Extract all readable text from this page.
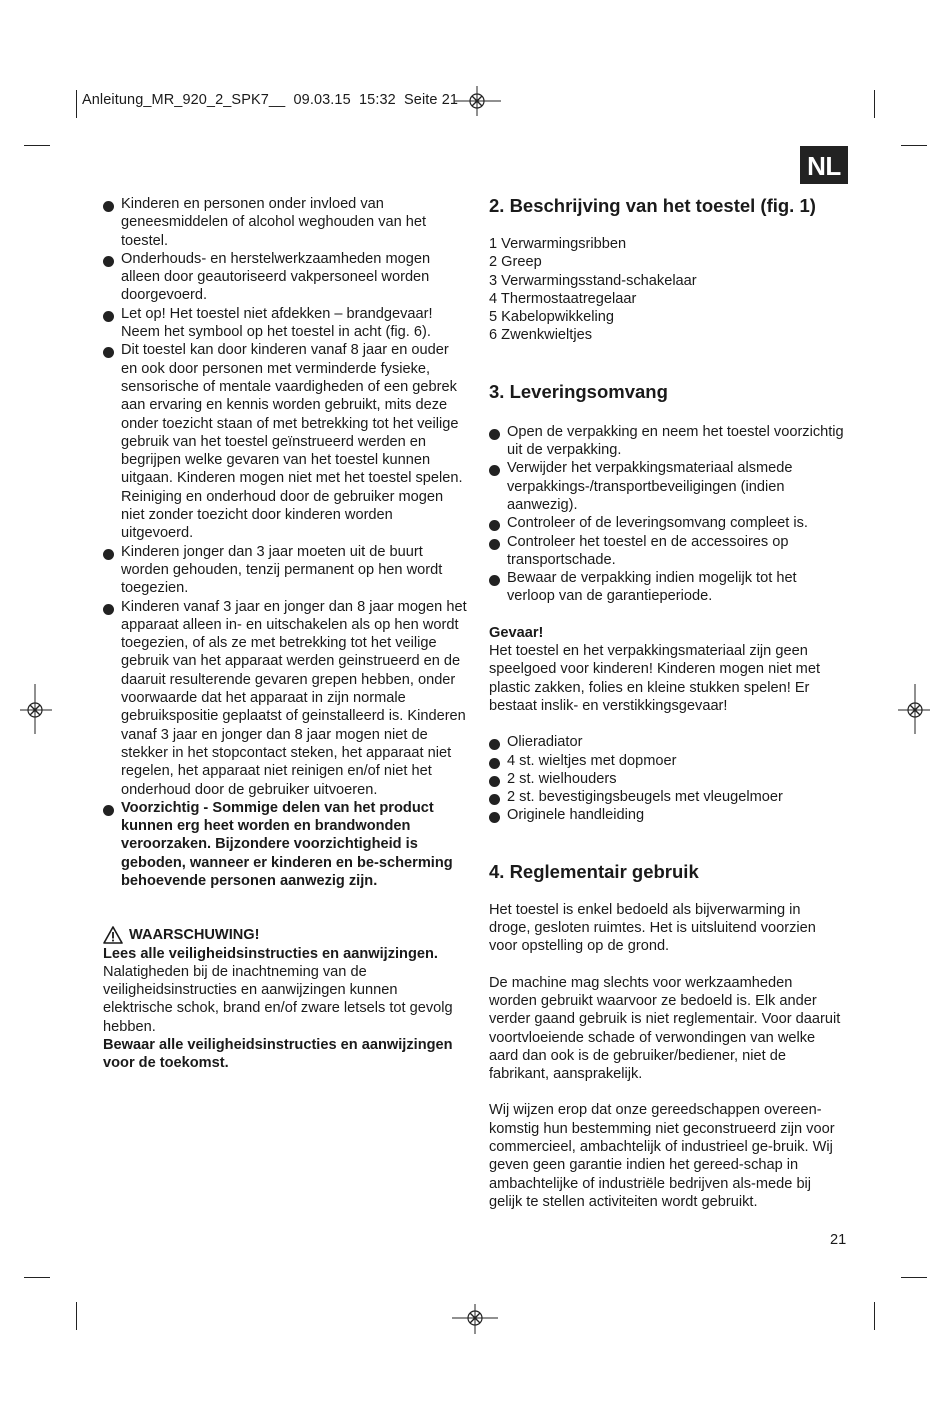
Anleitung_MR_920_2_SPK7__  09.03.15  15:32  Seite 21
NL
Kinderen en personen onder invloed van geneesmiddelen of alcohol weghouden van het toestel.
Onderhouds- en herstelwerkzaamheden mogen alleen door geautoriseerd vakpersoneel worden doorgevoerd.
Let op! Het toestel niet afdekken – brandgevaar! Neem het symbool op het toestel in acht (fig. 6).
Dit toestel kan door kinderen vanaf 8 jaar en ouder en ook door personen met verminderde fysieke, sensorische of mentale vaardigheden of een gebrek aan ervaring en kennis worden gebruikt, mits deze onder toezicht staan of met betrekking tot het veilige gebruik van het toestel geïnstrueerd werden en begrijpen welke gevaren van het toestel kunnen uitgaan. Kinderen mogen niet met het toestel spelen. Reiniging en onderhoud door de gebruiker mogen niet zonder toezicht door kinderen worden uitgevoerd.
Kinderen jonger dan 3 jaar moeten uit de buurt worden gehouden, tenzij permanent op hen wordt toegezien.
Kinderen vanaf 3 jaar en jonger dan 8 jaar mogen het apparaat alleen in- en uitschakelen als op hen wordt toegezien, of als ze met betrekking tot het veilige gebruik van het apparaat werden geinstrueerd en de daaruit resulterende gevaren grepen hebben, onder voorwaarde dat het apparaat in zijn normale gebruikspositie geplaatst of geinstalleerd is. Kinderen vanaf 3 jaar en jonger dan 8 jaar mogen niet de stekker in het stopcontact steken, het apparaat niet regelen, het apparaat niet reinigen en/of niet het onderhoud door de gebruiker uitvoeren.
Voorzichtig - Sommige delen van het product kunnen erg heet worden en brandwonden veroorzaken. Bijzondere voorzichtigheid is geboden, wanneer er kinderen en be-scherming behoevende personen aanwezig zijn.
WAARSCHUWING!

Lees alle veiligheidsinstructies en aanwijzingen.

Nalatigheden bij de inachtneming van de veiligheidsinstructies en aanwijzingen kunnen elektrische schok, brand en/of zware letsels tot gevolg hebben.

Bewaar alle veiligheidsinstructies en aanwijzingen voor de toekomst.

2. Beschrijving van het toestel (fig. 1)
1 Verwarmingsribben
2 Greep
3 Verwarmingsstand-schakelaar
4 Thermostaatregelaar
5 Kabelopwikkeling
6 Zwenkwieltjes
3. Leveringsomvang
Open de verpakking en neem het toestel voorzichtig uit de verpakking.
Verwijder het verpakkingsmateriaal alsmede verpakkings-/transportbeveiligingen (indien aanwezig).
Controleer of de leveringsomvang compleet is.
Controleer het toestel en de accessoires op transportschade.
Bewaar de verpakking indien mogelijk tot het verloop van de garantieperiode.

Gevaar!

Het toestel en het verpakkingsmateriaal zijn geen speelgoed voor kinderen! Kinderen mogen niet met plastic zakken, folies en kleine stukken spelen! Er bestaat inslik- en verstikkingsgevaar!

Olieradiator
4 st. wieltjes met dopmoer
2 st. wielhouders
2 st. bevestigingsbeugels met vleugelmoer
Originele handleiding
4. Reglementair gebruik

Het toestel is enkel bedoeld als bijverwarming in droge, gesloten ruimtes. Het is uitsluitend voorzien voor opstelling op de grond.

De machine mag slechts voor werkzaamheden worden gebruikt waarvoor ze bedoeld is. Elk ander verder gaand gebruik is niet reglementair. Voor daaruit voortvloeiende schade of verwondingen van welke aard dan ook is de gebruiker/bediener, niet de fabrikant, aansprakelijk.

Wij wijzen erop dat onze gereedschappen overeen-komstig hun bestemming niet geconstrueerd zijn voor commercieel, ambachtelijk of industrieel ge-bruik. Wij geven geen garantie indien het gereed-schap in ambachtelijke of industriële bedrijven als-mede bij gelijk te stellen activiteiten wordt gebruikt.

21
